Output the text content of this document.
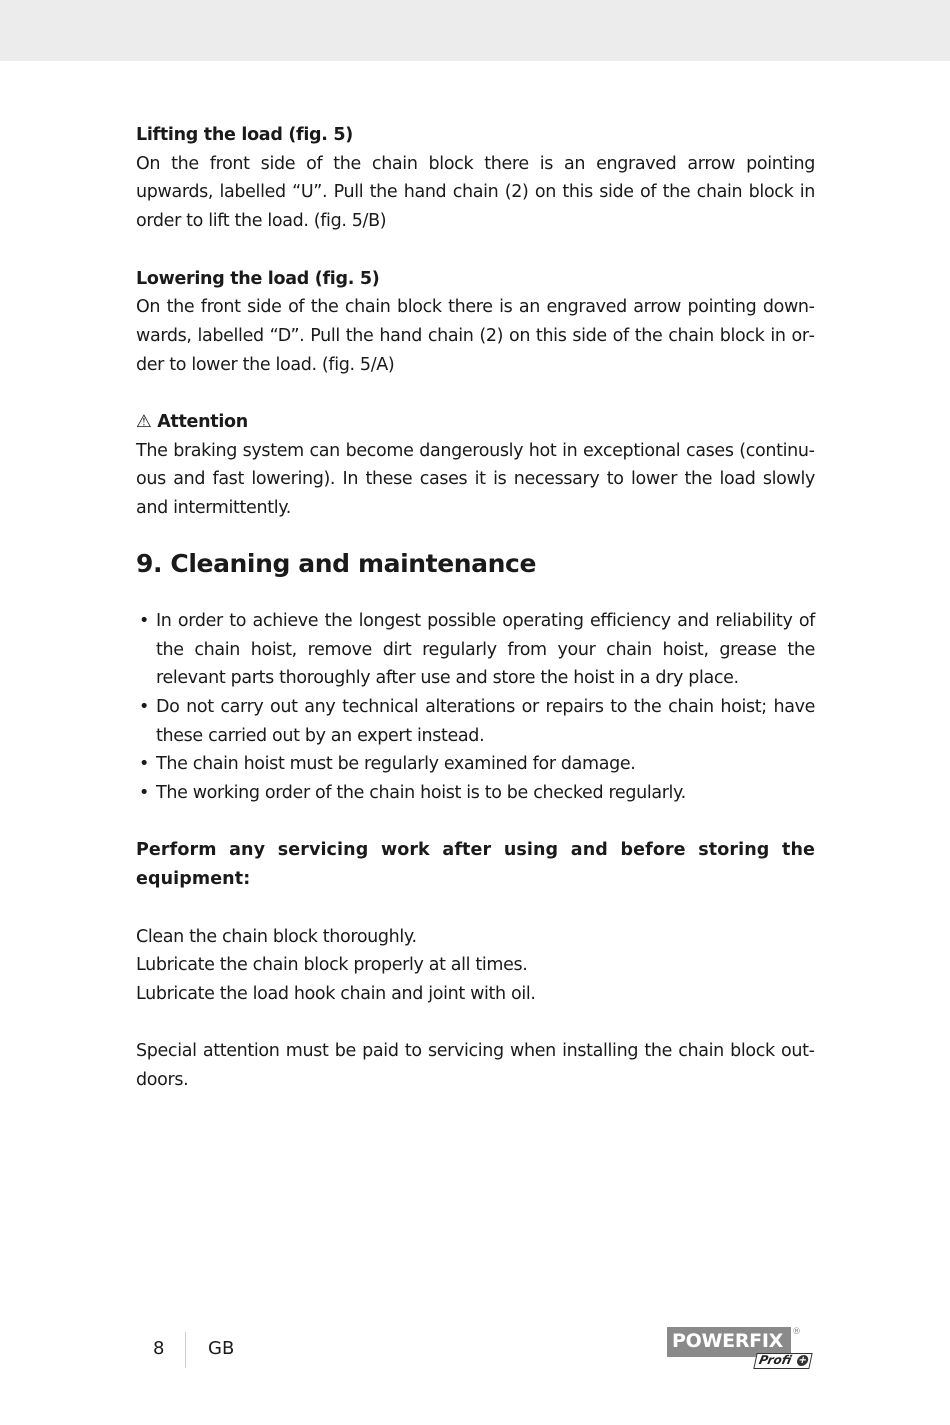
Lifting the load (fig. 5)

On the front side of the chain block there is an engraved arrow pointing upwards, labelled “U”. Pull the hand chain (2) on this side of the chain block in order to lift the load. (fig. 5/B)

Lowering the load (fig. 5)

On the front side of the chain block there is an engraved arrow pointing downwards, labelled “D”. Pull the hand chain (2) on this side of the chain block in order to lower the load. (fig. 5/A)

⚠ Attention

The braking system can become dangerously hot in exceptional cases (continuous and fast lowering). In these cases it is necessary to lower the load slowly and intermittently.

9. Cleaning and maintenance
• In order to achieve the longest possible operating efficiency and reliability of the chain hoist, remove dirt regularly from your chain hoist, grease the relevant parts thoroughly after use and store the hoist in a dry place.
• Do not carry out any technical alterations or repairs to the chain hoist; have these carried out by an expert instead.
• The chain hoist must be regularly examined for damage.
• The working order of the chain hoist is to be checked regularly.

Perform any servicing work after using and before storing the equipment:

Clean the chain block thoroughly.

Lubricate the chain block properly at all times.

Lubricate the load hook chain and joint with oil.

Special attention must be paid to servicing when installing the chain block outdoors.

8 GB	POWERFIX ®
Profi +
